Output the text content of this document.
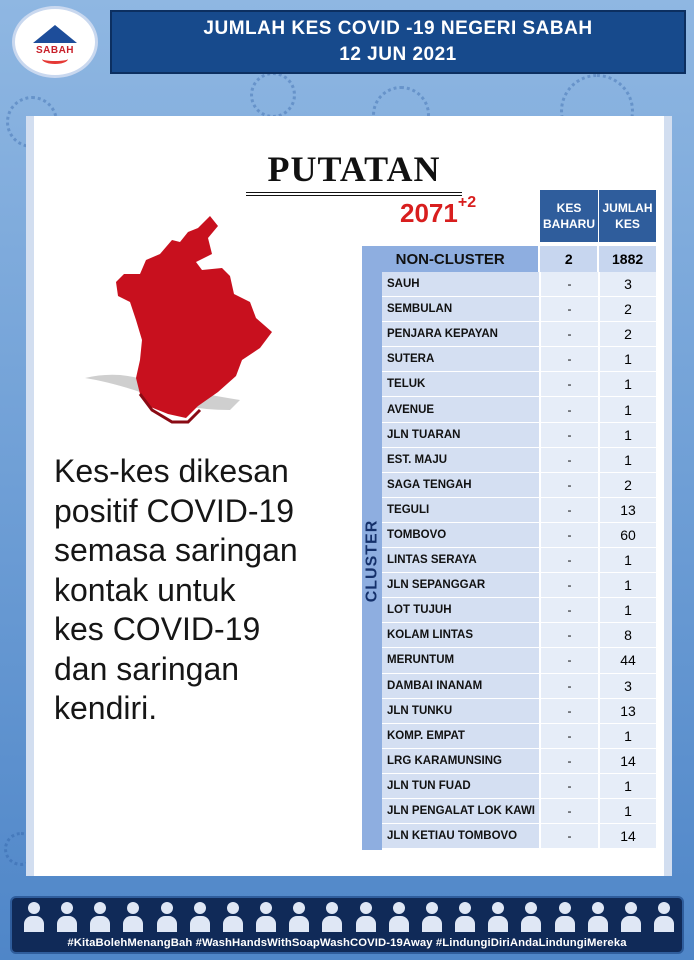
SABAH
JUMLAH KES COVID -19 NEGERI SABAH
12 JUN 2021
PUTATAN
$2071^{+2}$
Kes-kes dikesan
positif COVID-19
semasa saringan
kontak untuk
kes COVID-19
dan saringan
kendiri.
KES BAHARU
JUMLAH KES
NON-CLUSTER	2	1882
CLUSTER
SAUH	-	3
SEMBULAN	-	2
PENJARA KEPAYAN	-	2
SUTERA	-	1
TELUK	-	1
AVENUE	-	1
JLN TUARAN	-	1
EST. MAJU	-	1
SAGA TENGAH	-	2
TEGULI	-	13
TOMBOVO	-	60
LINTAS SERAYA	-	1
JLN SEPANGGAR	-	1
LOT TUJUH	-	1
KOLAM LINTAS	-	8
MERUNTUM	-	44
DAMBAI INANAM	-	3
JLN TUNKU	-	13
KOMP. EMPAT	-	1
LRG KARAMUNSING	-	14
JLN TUN FUAD	-	1
JLN PENGALAT LOK KAWI	-	1
JLN KETIAU TOMBOVO	-	14
#KitaBolehMenangBah #WashHandsWithSoapWashCOVID-19Away #LindungiDiriAndaLindungiMereka
